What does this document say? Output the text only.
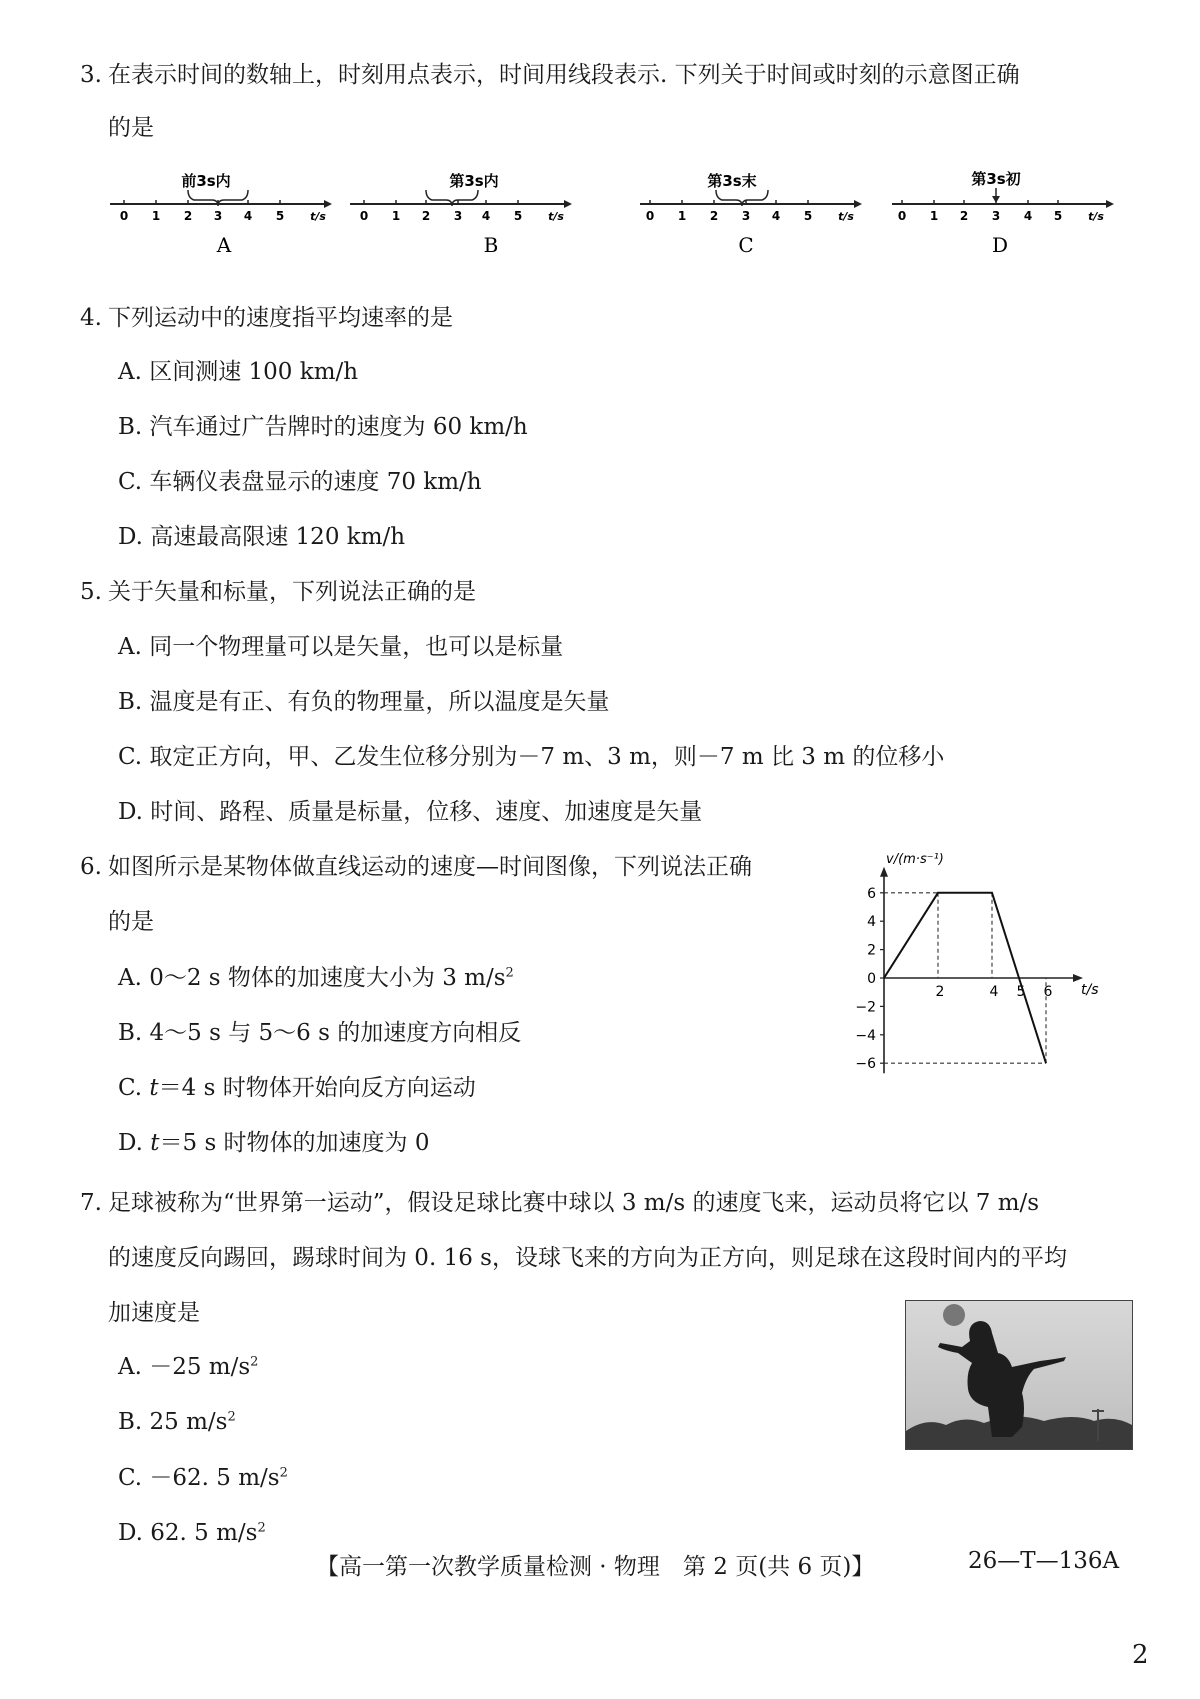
3. 在表示时间的数轴上，时刻用点表示，时间用线段表示. 下列关于时间或时刻的示意图正确
的是
前3s内
0 1 2 3 4 5 t/s
A
第3s内
0 1 2 3 4 5 t/s
B
第3s末
0 1 2 3 4 5 t/s
C
第3s初
0 1 2 3 4 5 t/s
D
4. 下列运动中的速度指平均速率的是
A. 区间测速 100 km/h
B. 汽车通过广告牌时的速度为 60 km/h
C. 车辆仪表盘显示的速度 70 km/h
D. 高速最高限速 120 km/h
5. 关于矢量和标量，下列说法正确的是
A. 同一个物理量可以是矢量，也可以是标量
B. 温度是有正、有负的物理量，所以温度是矢量
C. 取定正方向，甲、乙发生位移分别为－7 m、3 m，则－7 m 比 3 m 的位移小
D. 时间、路程、质量是标量，位移、速度、加速度是矢量
6. 如图所示是某物体做直线运动的速度—时间图像，下列说法正确
的是
A. 0～2 s 物体的加速度大小为 3 $m/s^2$
B. 4～5 s 与 5～6 s 的加速度方向相反
C. t＝4 s 时物体开始向反方向运动
D. t＝5 s 时物体的加速度为 0
v/(m·s⁻¹)
t/s
6
4
2
0
−2
−4
−6
2	4 5 6
7. 足球被称为“世界第一运动”，假设足球比赛中球以 3 m/s 的速度飞来，运动员将它以 7 m/s
的速度反向踢回，踢球时间为 0. 16 s，设球飞来的方向为正方向，则足球在这段时间内的平均
加速度是
A. －25 $m/s^2$
B. 25 $m/s^2$
C. －62. 5 $m/s^2$
D. 62. 5 $m/s^2$
【高一第一次教学质量检测 · 物理　第 2 页(共 6 页)】	26—T—136A
2
